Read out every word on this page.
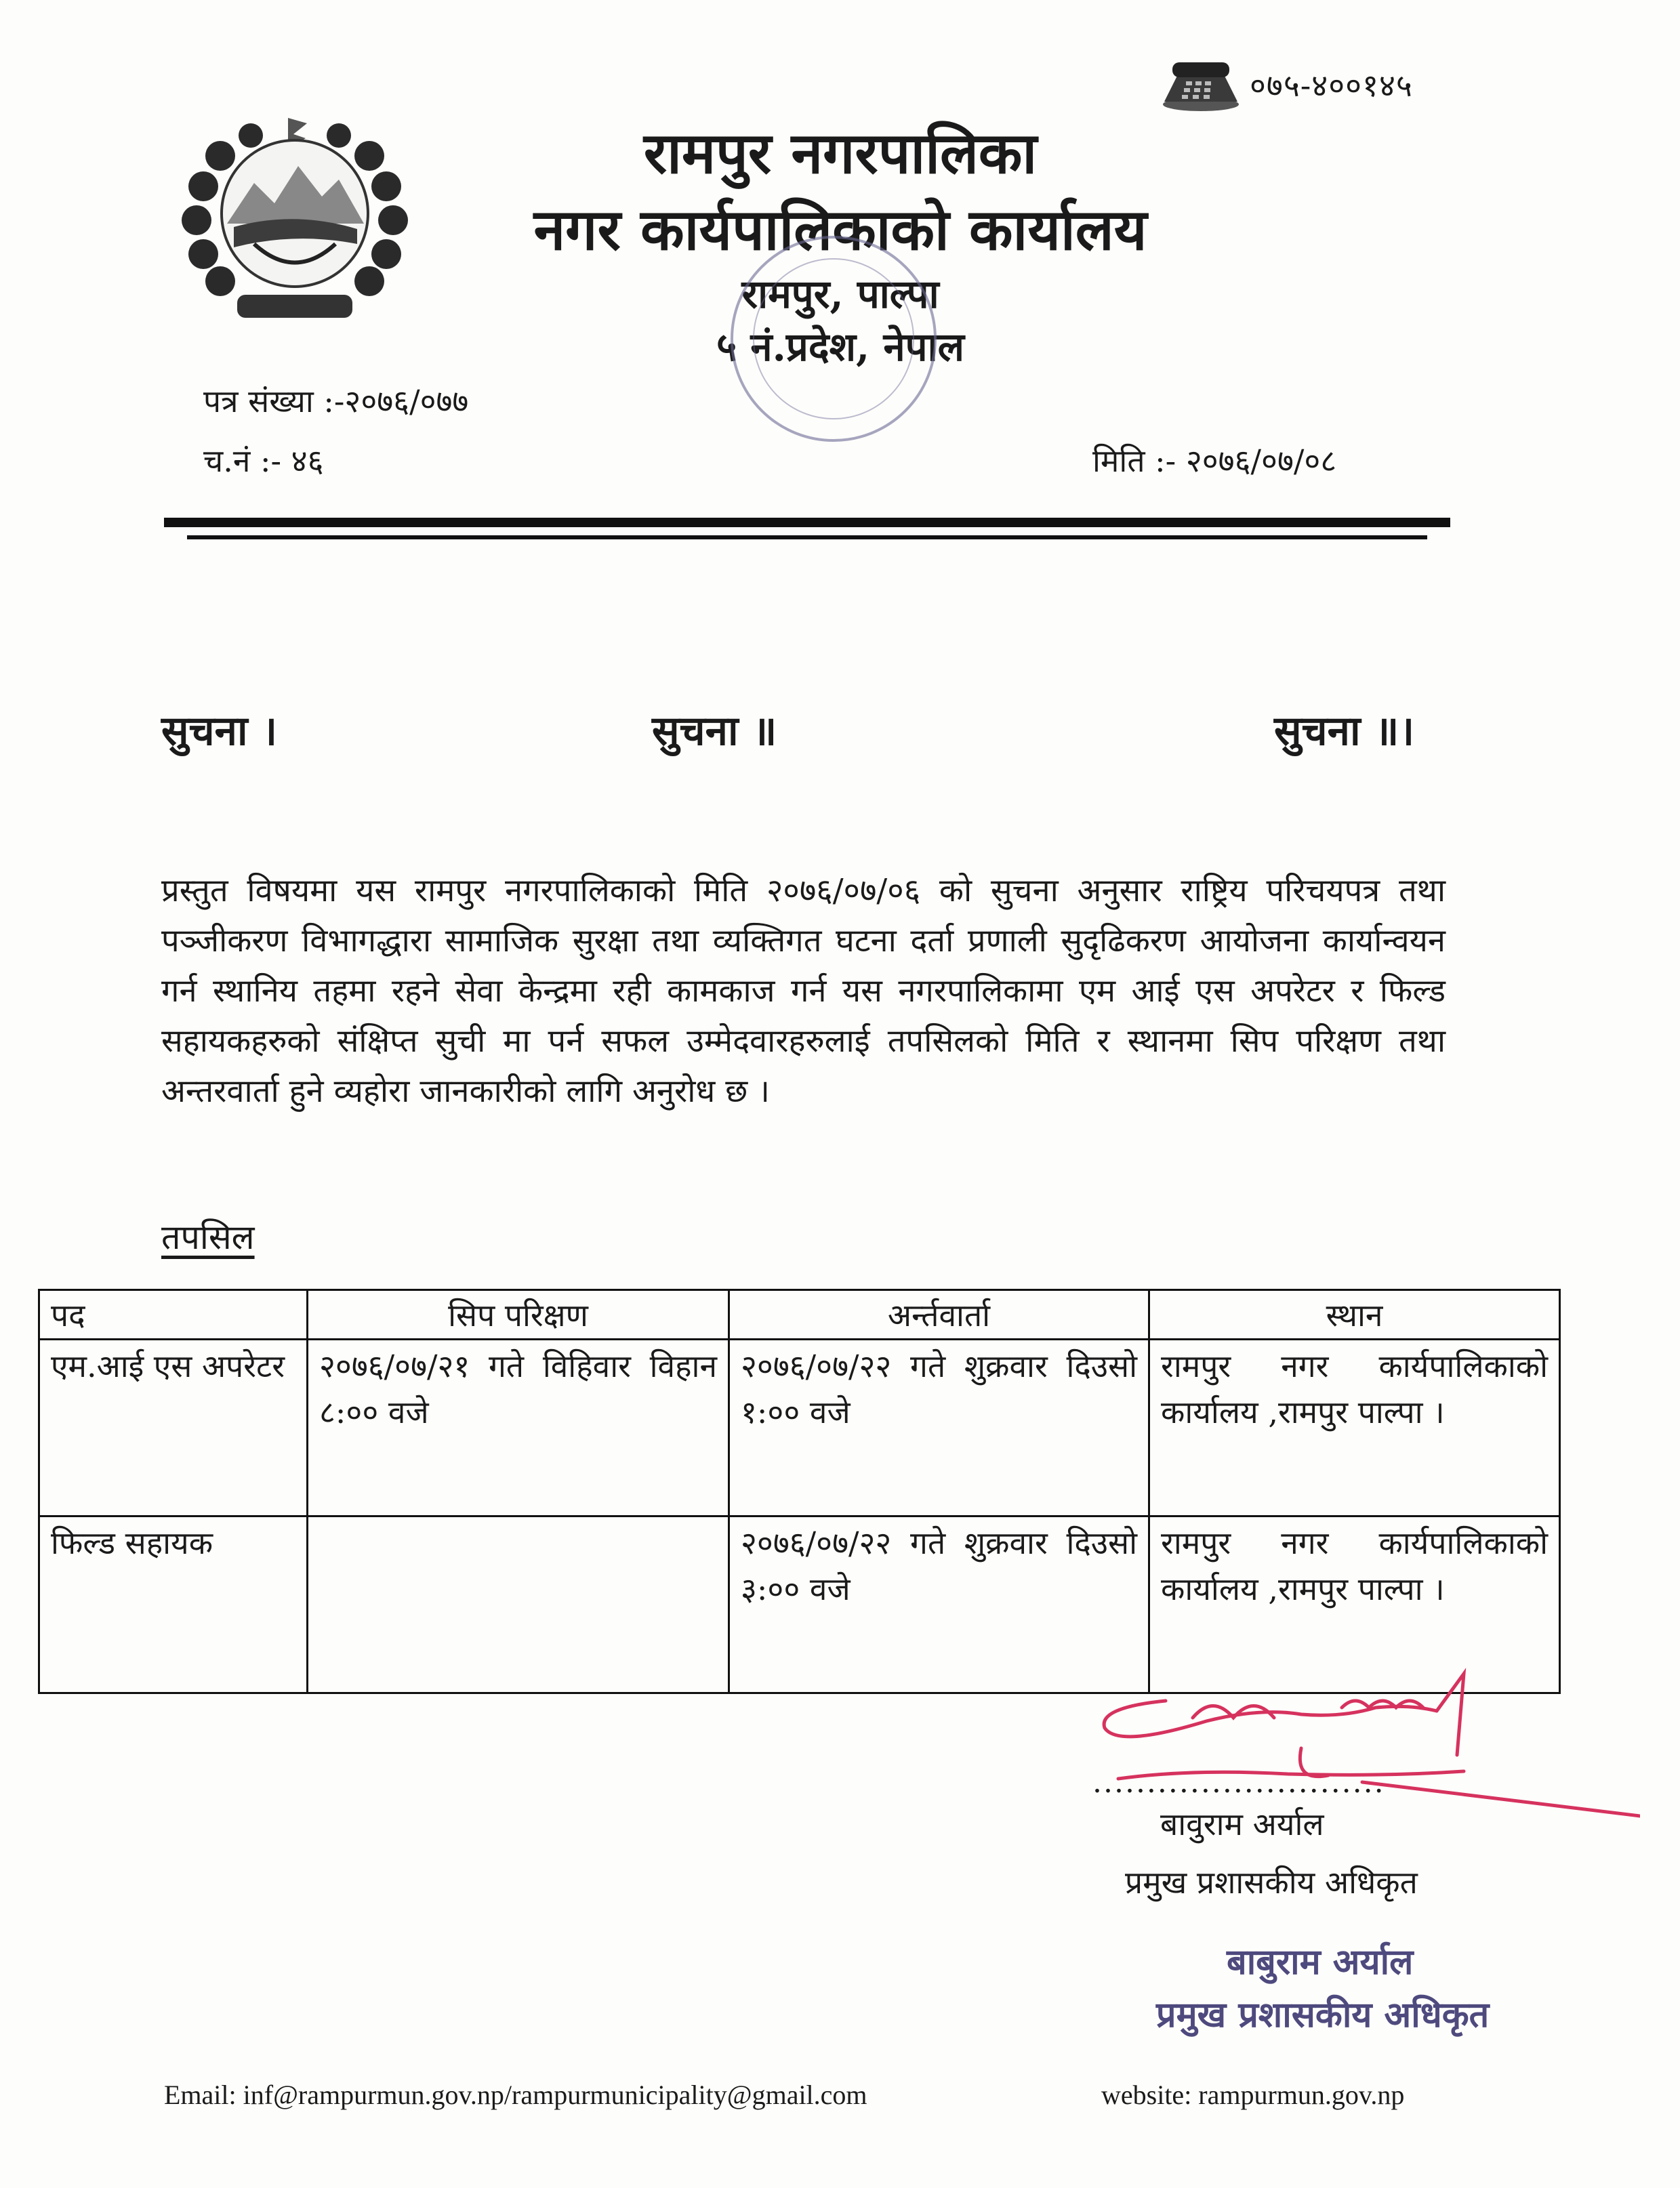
०७५-४००१४५
रामपुर नगरपालिका
नगर कार्यपालिकाको कार्यालय
रामपुर, पाल्पा
५ नं.प्रदेश, नेपाल
पत्र संख्या :-२०७६/०७७
च.नं :- ४६	मिति :- २०७६/०७/०८
सुचना ।	सुचना ॥	सुचना ॥।
प्रस्तुत विषयमा यस रामपुर नगरपालिकाको मिति २०७६/०७/०६ को सुचना अनुसार राष्ट्रिय परिचयपत्र तथा पञ्जीकरण विभागद्धारा सामाजिक सुरक्षा तथा व्यक्तिगत घटना दर्ता प्रणाली सुदृढिकरण आयोजना कार्यान्वयन गर्न स्थानिय तहमा रहने सेवा केन्द्रमा रही कामकाज गर्न यस नगरपालिकामा एम आई एस अपरेटर र फिल्ड सहायकहरुको संक्षिप्त सुची मा पर्न सफल उम्मेदवारहरुलाई तपसिलको मिति र स्थानमा सिप परिक्षण तथा अन्तरवार्ता हुने व्यहोरा जानकारीको लागि अनुरोध छ ।
तपसिल
पद	सिप परिक्षण	अर्न्तवार्ता	स्थान
एम.आई एस अपरेटर	२०७६/०७/२१ गते विहिवार विहान ८:०० वजे	२०७६/०७/२२ गते शुक्रवार दिउसो १:०० वजे	रामपुर नगर कार्यपालिकाको कार्यालय ,रामपुर पाल्पा ।
फिल्ड सहायक		२०७६/०७/२२ गते शुक्रवार दिउसो ३:०० वजे	रामपुर नगर कार्यपालिकाको कार्यालय ,रामपुर पाल्पा ।
...........................
बावुराम अर्याल
प्रमुख प्रशासकीय अधिकृत
बाबुराम अर्याल
प्रमुख प्रशासकीय अधिकृत
Email: inf@rampurmun.gov.np/rampurmunicipality@gmail.com	website: rampurmun.gov.np
